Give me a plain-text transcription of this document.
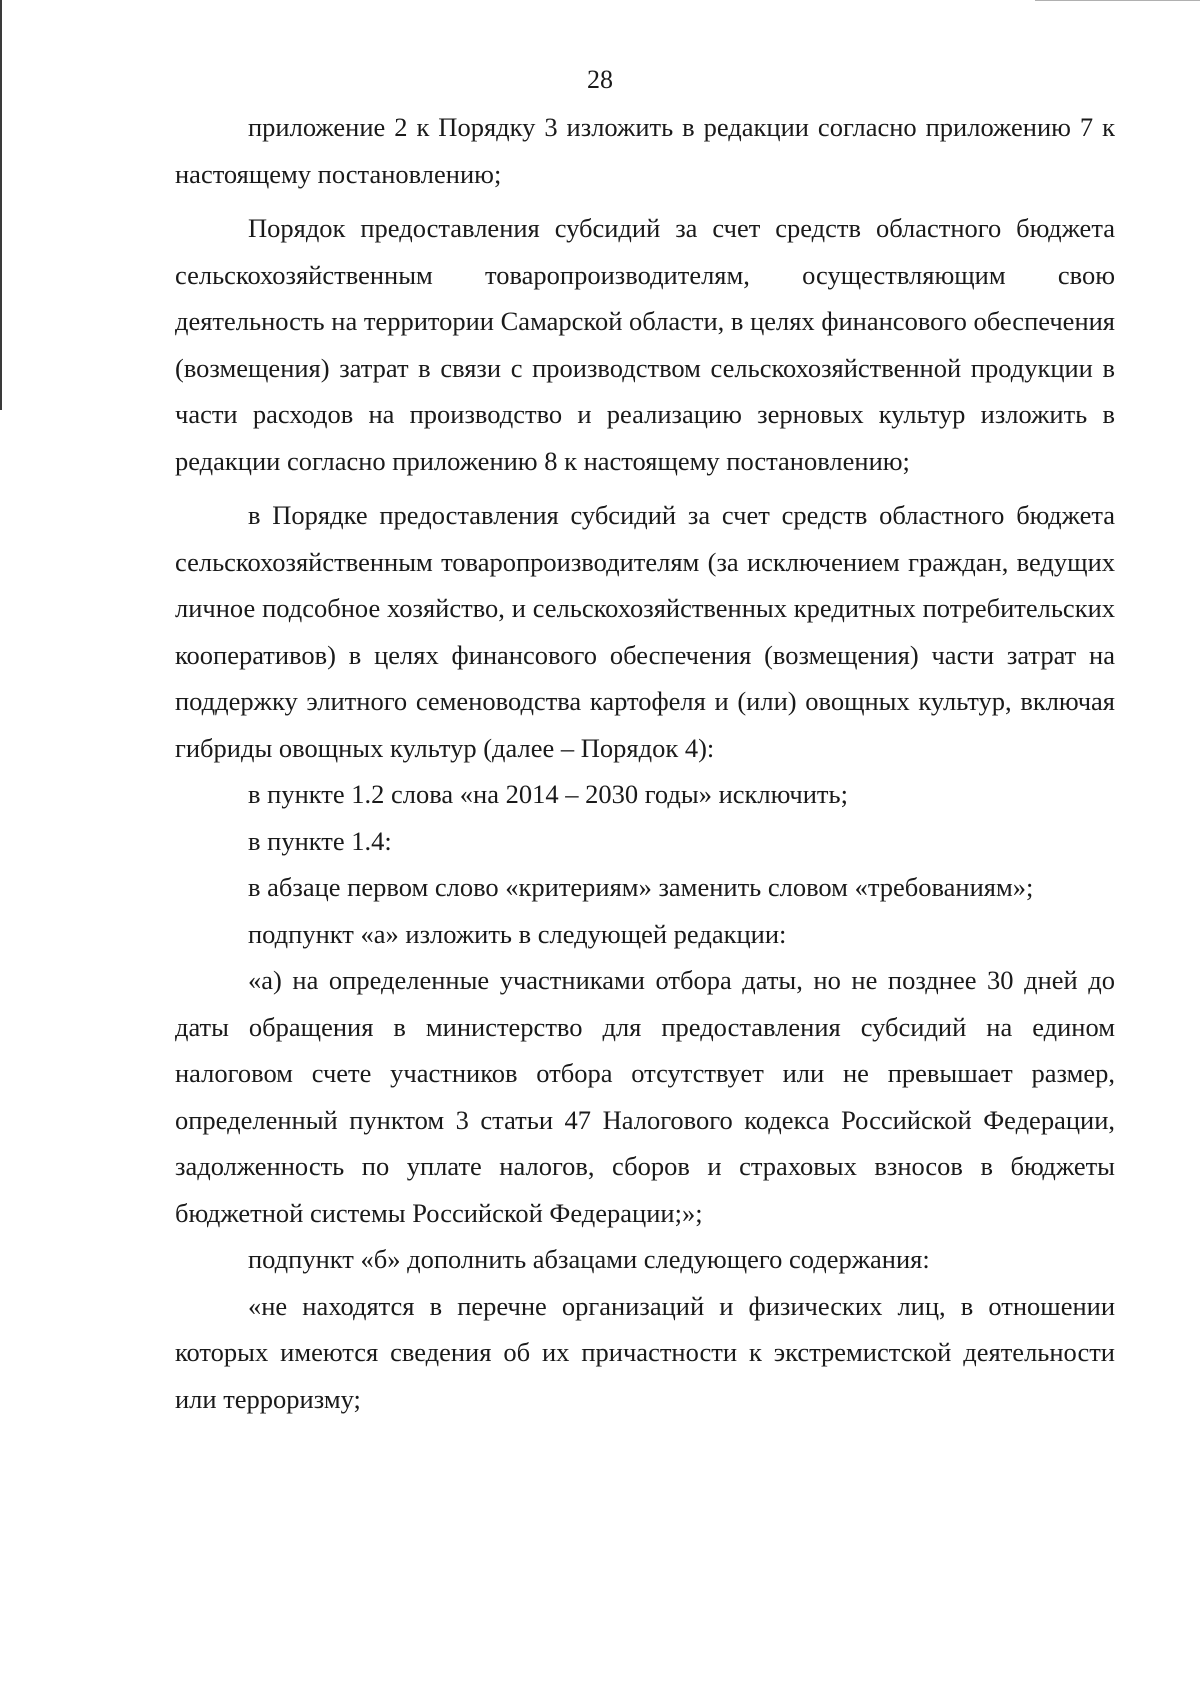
28

приложение 2 к Порядку 3 изложить в редакции согласно приложению 7 к настоящему постановлению;

Порядок предоставления субсидий за счет средств областного бюджета сельскохозяйственным товаропроизводителям, осуществляющим свою деятельность на территории Самарской области, в целях финансового обеспечения (возмещения) затрат в связи с производством сельскохозяйственной продукции в части расходов на производство и реализацию зерновых культур изложить в редакции согласно приложению 8 к настоящему постановлению;

в Порядке предоставления субсидий за счет средств областного бюджета сельскохозяйственным товаропроизводителям (за исключением граждан, ведущих личное подсобное хозяйство, и сельскохозяйственных кредитных потребительских кооперативов) в целях финансового обеспечения (возмещения) части затрат на поддержку элитного семеноводства картофеля и (или) овощных культур, включая гибриды овощных культур (далее – Порядок 4):

в пункте 1.2 слова «на 2014 – 2030 годы» исключить;

в пункте 1.4:

в абзаце первом слово «критериям» заменить словом «требованиям»;

подпункт «а» изложить в следующей редакции:

«а) на определенные участниками отбора даты, но не позднее 30 дней до даты обращения в министерство для предоставления субсидий на едином налоговом счете участников отбора отсутствует или не превышает размер, определенный пунктом 3 статьи 47 Налогового кодекса Российской Федерации, задолженность по уплате налогов, сборов и страховых взносов в бюджеты бюджетной системы Российской Федерации;»;

подпункт «б» дополнить абзацами следующего содержания:

«не находятся в перечне организаций и физических лиц, в отношении которых имеются сведения об их причастности к экстремистской деятельности или терроризму;
